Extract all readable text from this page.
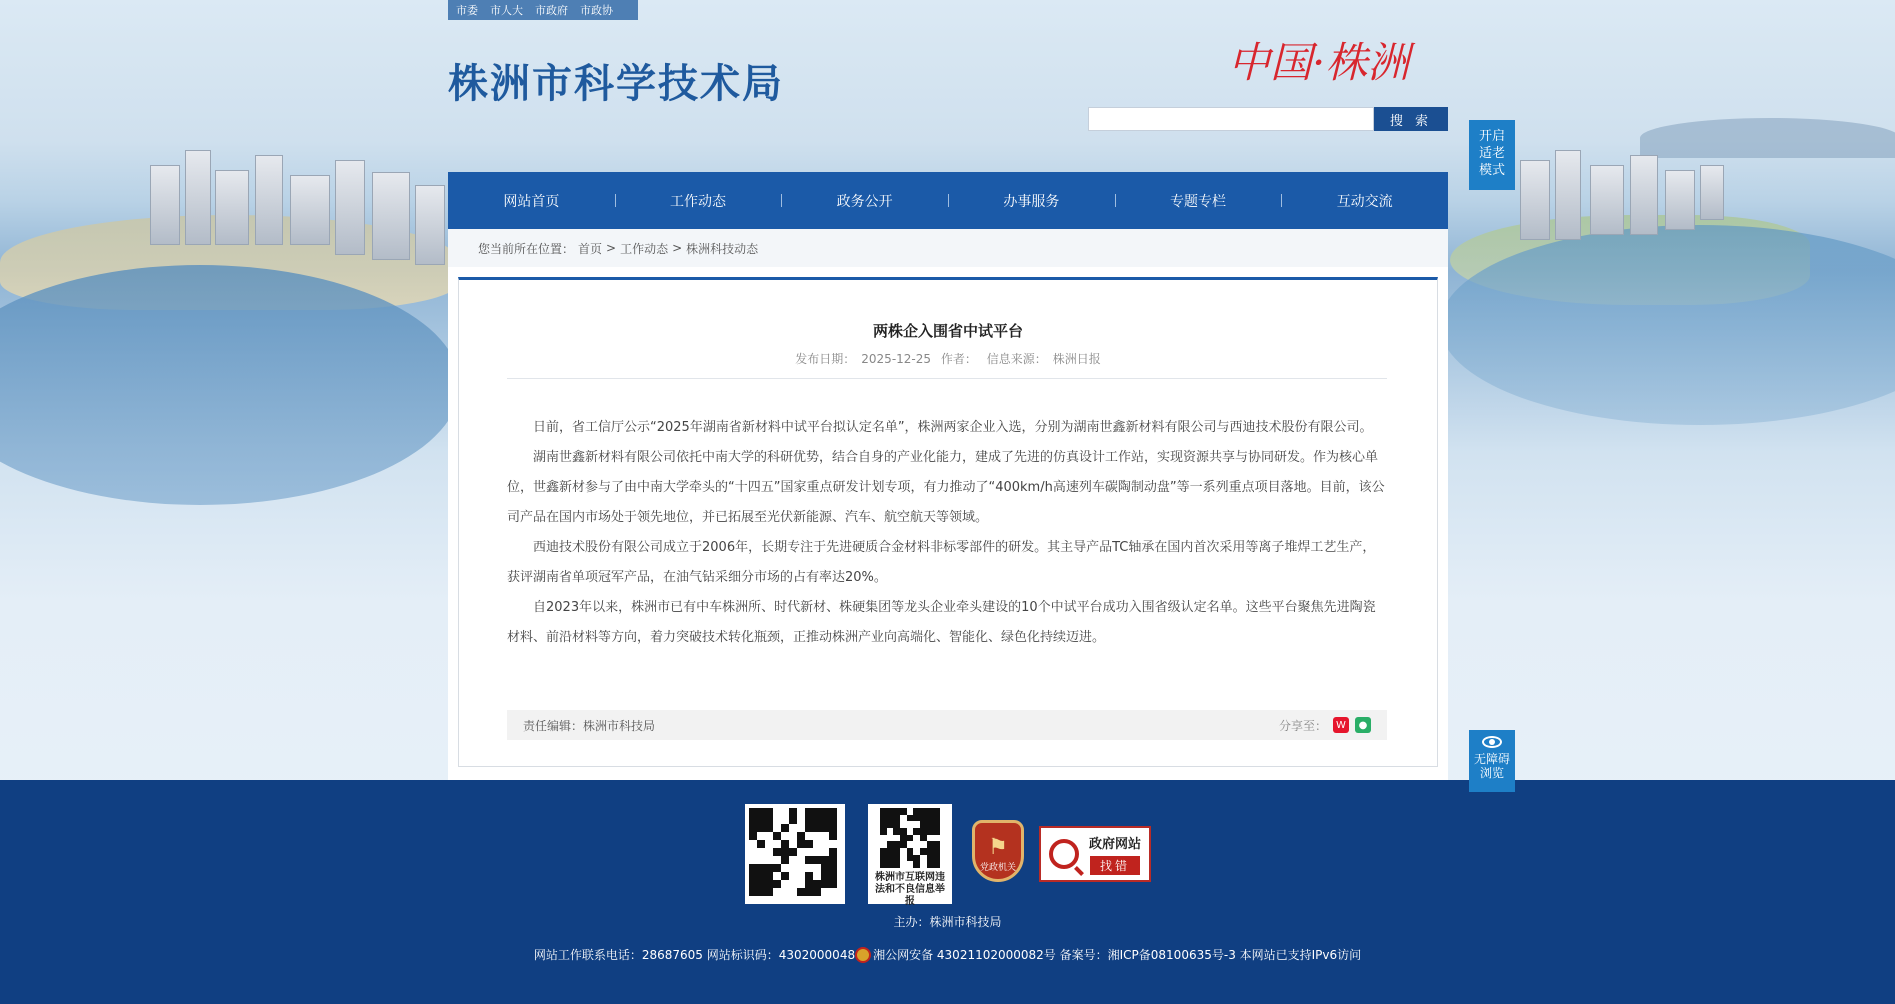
市委 市人大 市政府 市政协
株洲市科学技术局	中国·株洲
搜 索
开启
适老
模式
网站首页	工作动态	政务公开	办事服务	专题专栏	互动交流
您当前所在位置： 首页 > 工作动态 > 株洲科技动态
两株企入围省中试平台
发布日期： 2025-12-25 作者： 信息来源： 株洲日报

日前，省工信厅公示“2025年湖南省新材料中试平台拟认定名单”，株洲两家企业入选，分别为湖南世鑫新材料有限公司与西迪技术股份有限公司。

湖南世鑫新材料有限公司依托中南大学的科研优势，结合自身的产业化能力，建成了先进的仿真设计工作站，实现资源共享与协同研发。作为核心单位，世鑫新材参与了由中南大学牵头的“十四五”国家重点研发计划专项，有力推动了“400km/h高速列车碳陶制动盘”等一系列重点项目落地。目前，该公司产品在国内市场处于领先地位，并已拓展至光伏新能源、汽车、航空航天等领域。

西迪技术股份有限公司成立于2006年，长期专注于先进硬质合金材料非标零部件的研发。其主导产品TC轴承在国内首次采用等离子堆焊工艺生产，获评湖南省单项冠军产品，在油气钻采细分市场的占有率达20%。

自2023年以来，株洲市已有中车株洲所、时代新材、株硬集团等龙头企业牵头建设的10个中试平台成功入围省级认定名单。这些平台聚焦先进陶瓷材料、前沿材料等方向，着力突破技术转化瓶颈，正推动株洲产业向高端化、智能化、绿色化持续迈进。

责任编辑：株洲市科技局	分享至： W	●
无障碍
浏览
株洲市互联网违法和不良信息举报
⚑
党政机关
政府网站
找错
主办：株洲市科技局
网站工作联系电话：28687605 网站标识码：4302000048 湘公网安备 43021102000082号
备案号：湘ICP备08100635号-3 本网站已支持IPv6访问
